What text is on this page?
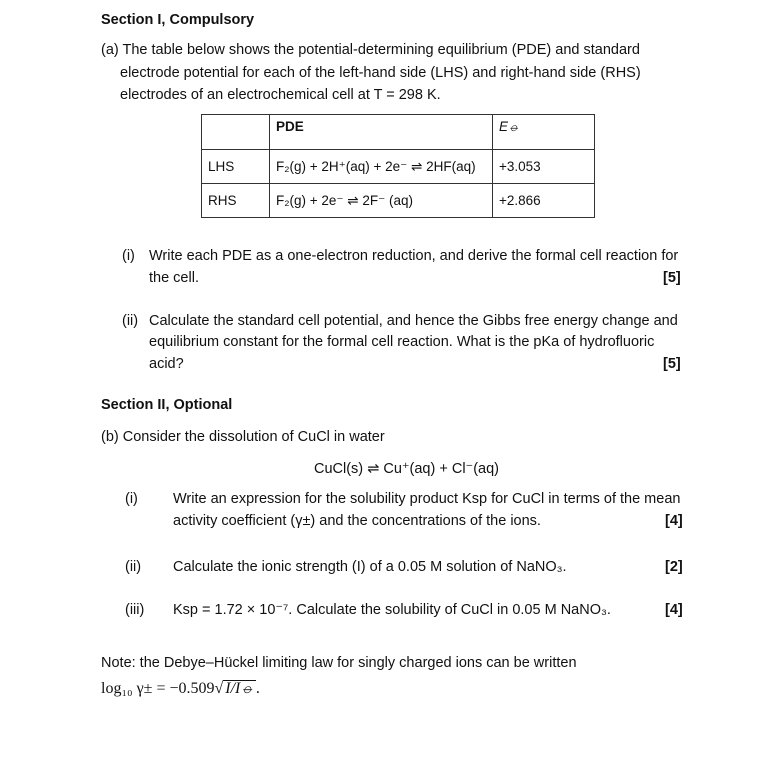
Section I, Compulsory
(a) The table below shows the potential-determining equilibrium (PDE) and standard
electrode potential for each of the left-hand side (LHS) and right-hand side (RHS)
electrodes of an electrochemical cell at T = 298 K.
	PDE	E⦵
LHS	F₂(g) + 2H⁺(aq) + 2e⁻ ⇌ 2HF(aq)	+3.053
RHS	F₂(g) + 2e⁻ ⇌ 2F⁻ (aq)	+2.866
(i) Write each PDE as a one-electron reduction, and derive the formal cell reaction for
the cell.	[5]
(ii) Calculate the standard cell potential, and hence the Gibbs free energy change and
equilibrium constant for the formal cell reaction. What is the pKa of hydrofluoric
acid?	[5]
Section II, Optional
(b) Consider the dissolution of CuCl in water
CuCl(s) ⇌ Cu⁺(aq) + Cl⁻(aq)
(i) Write an expression for the solubility product Ksp for CuCl in terms of the mean
activity coefficient (γ±) and the concentrations of the ions.	[4]
(ii) Calculate the ionic strength (I) of a 0.05 M solution of NaNO₃.	[2]
(iii) Ksp = 1.72 × 10⁻⁷. Calculate the solubility of CuCl in 0.05 M NaNO₃.	[4]
Note: the Debye–Hückel limiting law for singly charged ions can be written
log₁₀ γ± = −0.509√ I/I⦵ .
